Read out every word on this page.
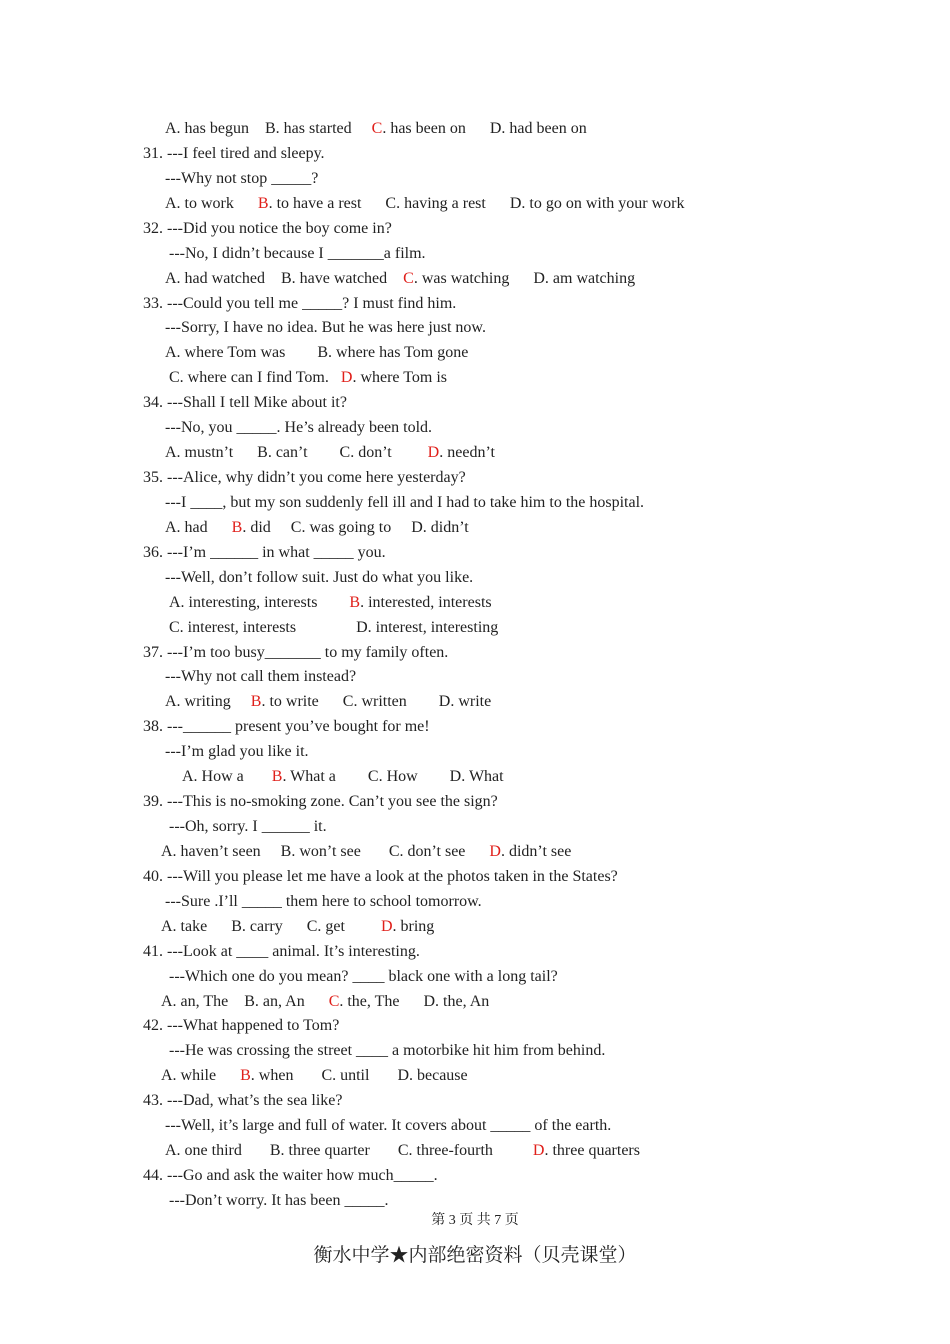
A. has begun    B. has started     C. has been on      D. had been on
31. ---I feel tired and sleepy.
---Why not stop _____?
A. to work      B. to have a rest      C. having a rest      D. to go on with your work
32. ---Did you notice the boy come in?
---No, I didn’t because I _______a film.
A. had watched    B. have watched    C. was watching      D. am watching
33. ---Could you tell me _____? I must find him.
---Sorry, I have no idea. But he was here just now.
A. where Tom was        B. where has Tom gone
C. where can I find Tom.   D. where Tom is
34. ---Shall I tell Mike about it?
---No, you _____. He’s already been told.
A. mustn’t      B. can’t        C. don’t         D. needn’t
35. ---Alice, why didn’t you come here yesterday?
---I ____, but my son suddenly fell ill and I had to take him to the hospital.
A. had      B. did     C. was going to     D. didn’t
36. ---I’m ______ in what _____ you.
---Well, don’t follow suit. Just do what you like.
A. interesting, interests        B. interested, interests
C. interest, interests               D. interest, interesting
37. ---I’m too busy_______ to my family often.
---Why not call them instead?
A. writing     B. to write      C. written        D. write
38. ---______ present you’ve bought for me!
---I’m glad you like it.
A. How a       B. What a        C. How        D. What
39. ---This is no-smoking zone. Can’t you see the sign?
---Oh, sorry. I ______ it.
A. haven’t seen     B. won’t see       C. don’t see      D. didn’t see
40. ---Will you please let me have a look at the photos taken in the States?
---Sure .I’ll _____ them here to school tomorrow.
A. take      B. carry      C. get         D. bring
41. ---Look at ____ animal. It’s interesting.
---Which one do you mean? ____ black one with a long tail?
A. an, The    B. an, An      C. the, The      D. the, An
42. ---What happened to Tom?
---He was crossing the street ____ a motorbike hit him from behind.
A. while      B. when       C. until       D. because
43. ---Dad, what’s the sea like?
---Well, it’s large and full of water. It covers about _____ of the earth.
A. one third       B. three quarter       C. three-fourth          D. three quarters
44. ---Go and ask the waiter how much_____.
---Don’t worry. It has been _____.
第 3 页 共 7 页
衡水中学★内部绝密资料（贝壳课堂）
